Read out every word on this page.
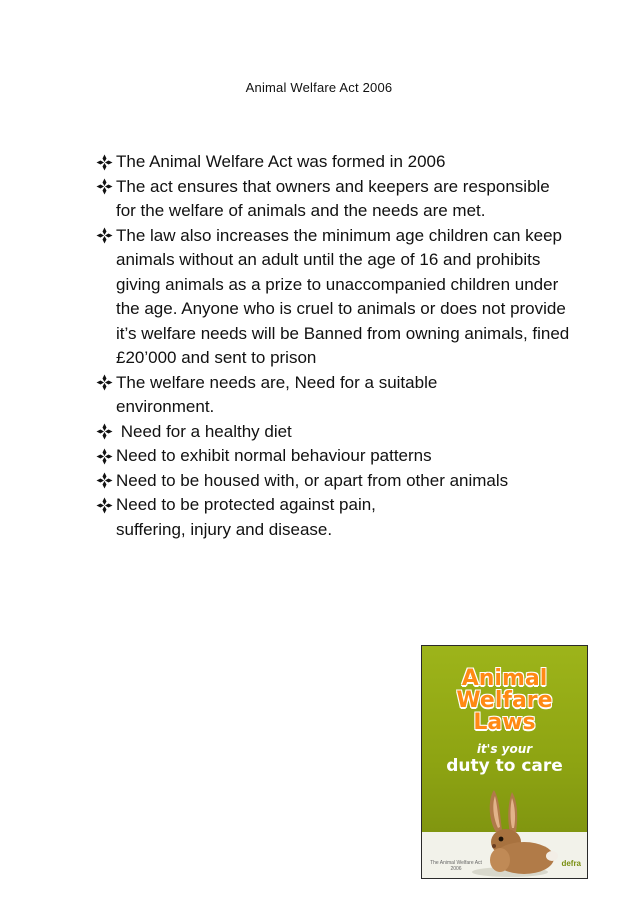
Animal Welfare Act 2006
The Animal Welfare Act was formed in 2006
The act ensures that owners and keepers are responsible for the welfare of animals and the needs are met.
The law also increases the minimum age children can keep animals without an adult until the age of 16 and prohibits giving animals as a prize to unaccompanied children under the age. Anyone who is cruel to animals or does not provide it’s welfare needs will be Banned from owning animals, fined £20’000 and sent to prison
The welfare needs are, Need for a suitable environment.
Need for a healthy diet
Need to exhibit normal behaviour patterns
Need to be housed with, or apart from other animals
Need to be protected against pain, suffering, injury and disease.
Animal
Welfare
Laws
it's your
duty to care
The Animal Welfare Act 2006
defra
